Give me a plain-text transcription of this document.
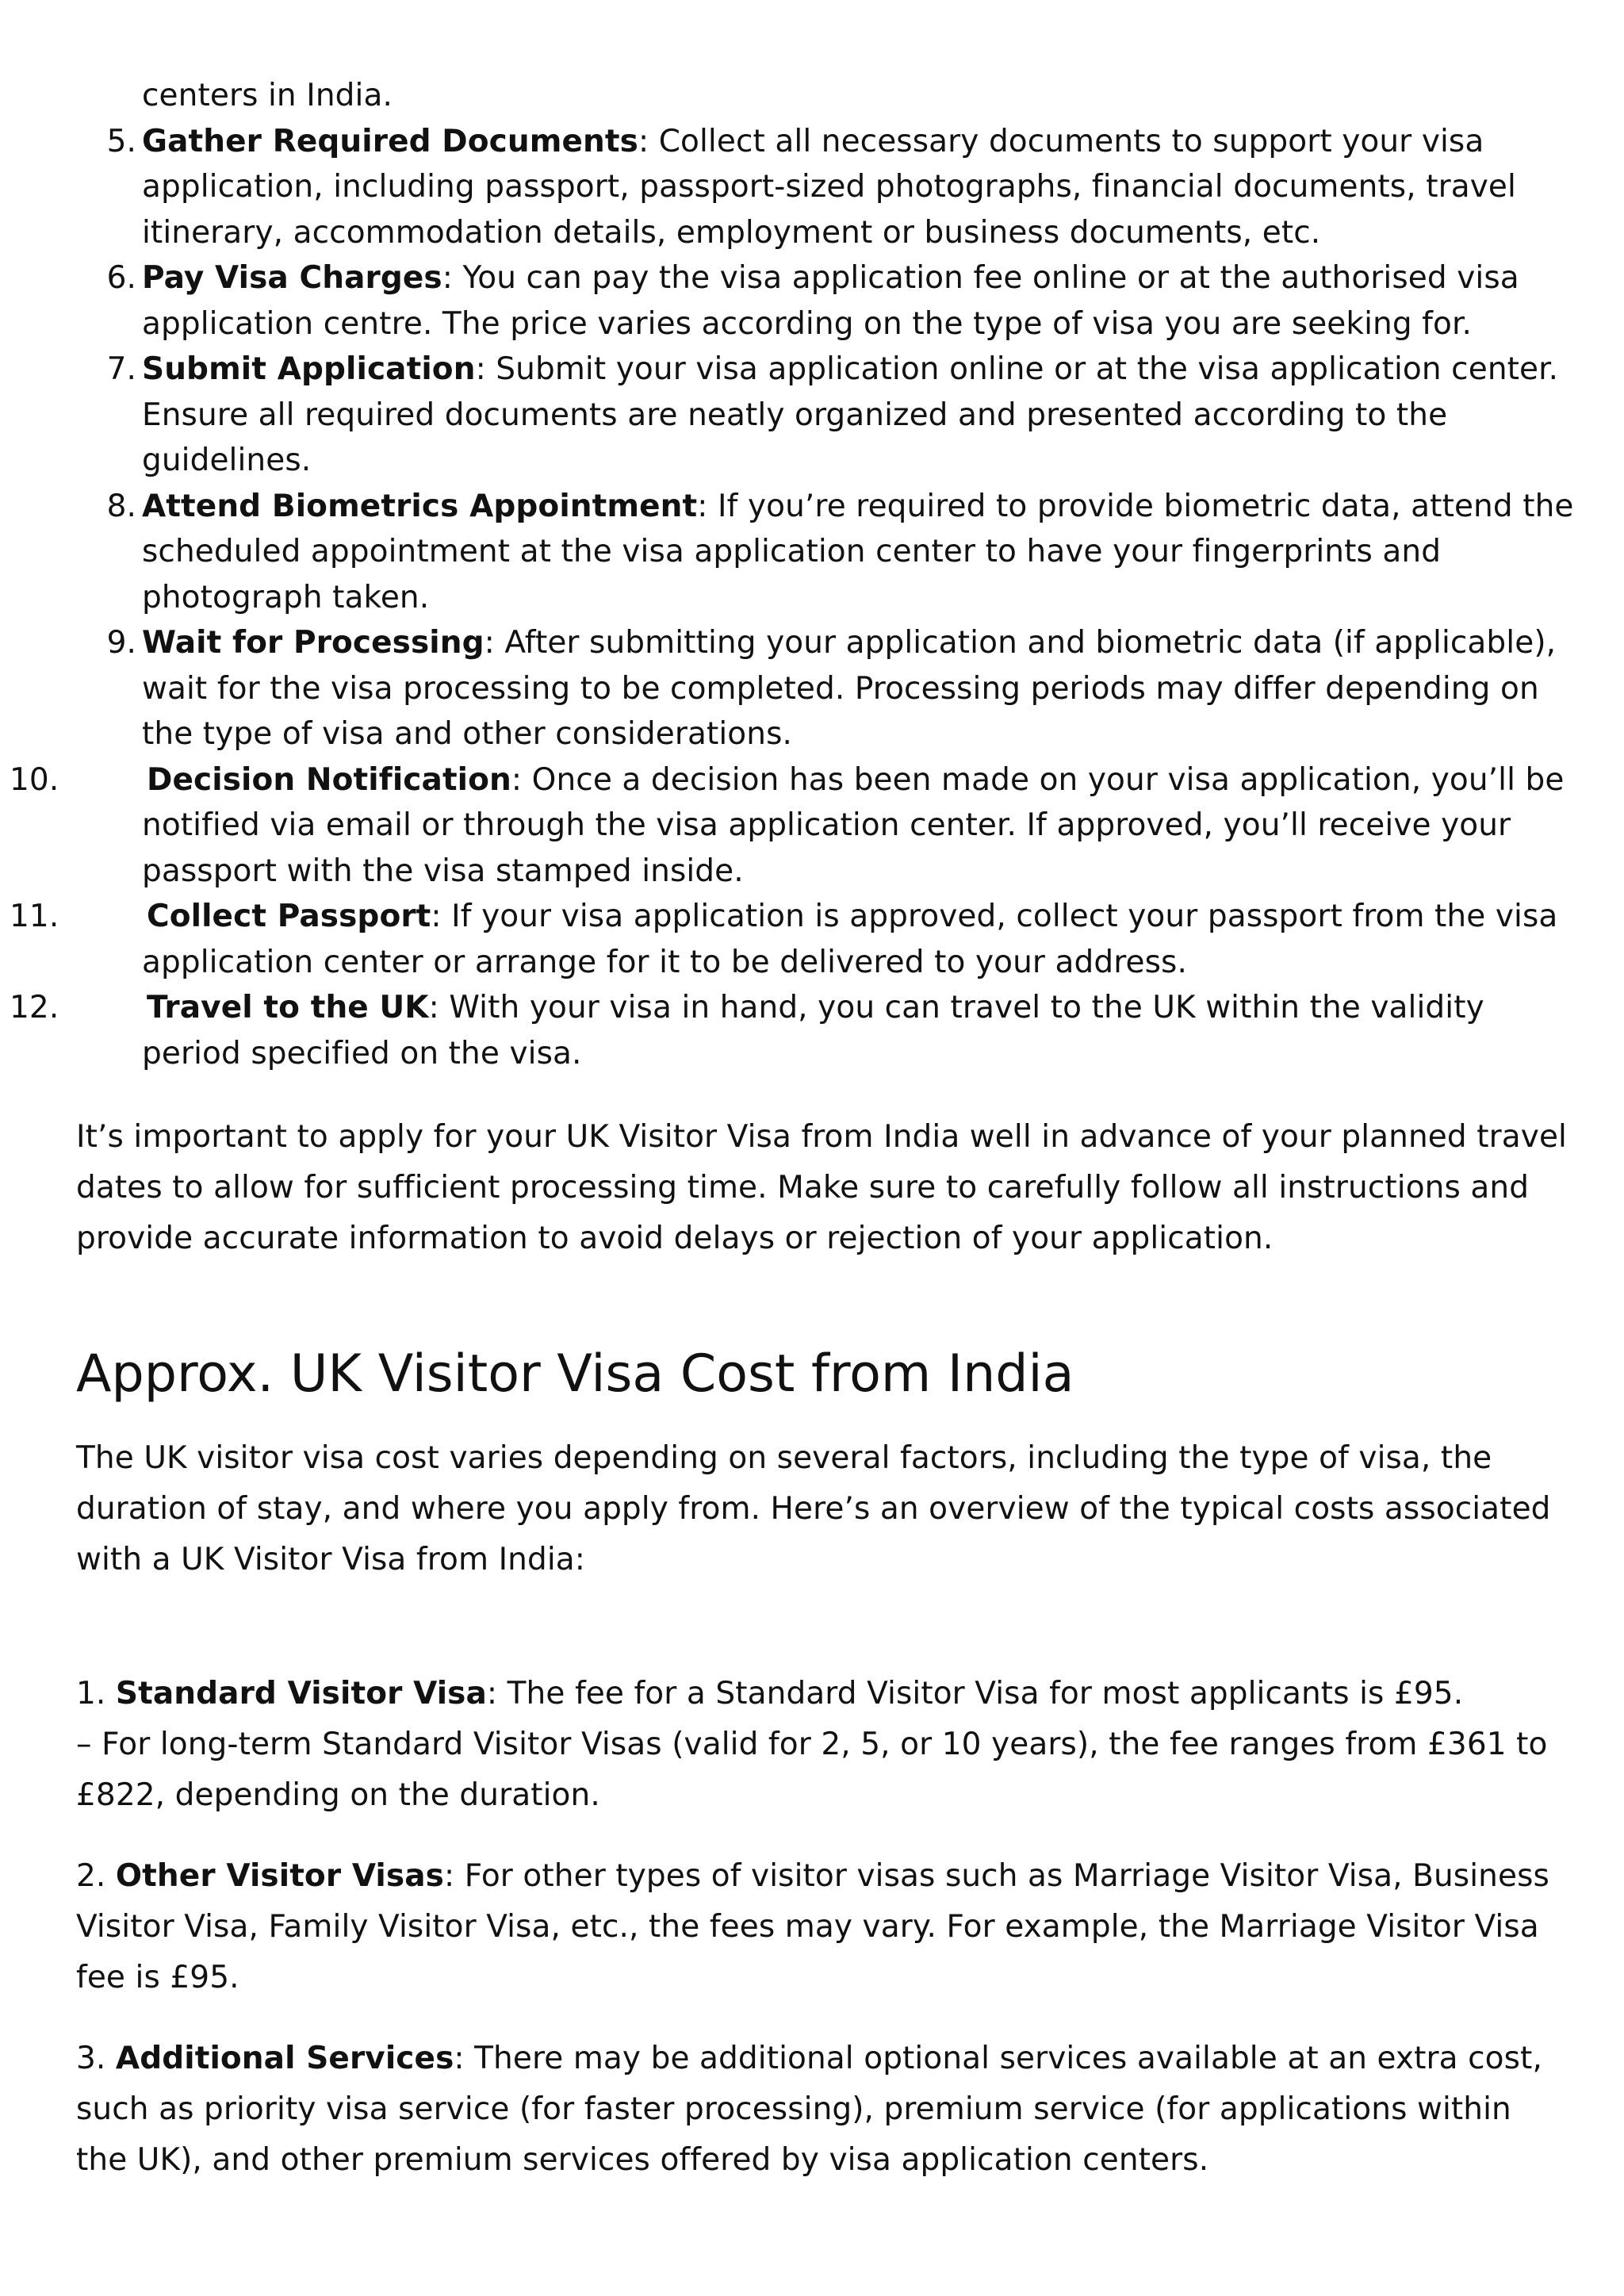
centers in India.
5. Gather Required Documents: Collect all necessary documents to support your visa application, including passport, passport-sized photographs, financial documents, travel itinerary, accommodation details, employment or business documents, etc.
6. Pay Visa Charges: You can pay the visa application fee online or at the authorised visa application centre. The price varies according on the type of visa you are seeking for.
7. Submit Application: Submit your visa application online or at the visa application center. Ensure all required documents are neatly organized and presented according to the guidelines.
8. Attend Biometrics Appointment: If you’re required to provide biometric data, attend the scheduled appointment at the visa application center to have your fingerprints and photograph taken.
9. Wait for Processing: After submitting your application and biometric data (if applicable), wait for the visa processing to be completed. Processing periods may differ depending on the type of visa and other considerations.
10.	Decision Notification: Once a decision has been made on your visa application, you’ll be notified via email or through the visa application center. If approved, you’ll receive your passport with the visa stamped inside.
11.	Collect Passport: If your visa application is approved, collect your passport from the visa application center or arrange for it to be delivered to your address.
12.	Travel to the UK: With your visa in hand, you can travel to the UK within the validity period specified on the visa.

It’s important to apply for your UK Visitor Visa from India well in advance of your planned travel dates to allow for sufficient processing time. Make sure to carefully follow all instructions and provide accurate information to avoid delays or rejection of your application.

Approx. UK Visitor Visa Cost from India

The UK visitor visa cost varies depending on several factors, including the type of visa, the duration of stay, and where you apply from. Here’s an overview of the typical costs associated with a UK Visitor Visa from India:

1. Standard Visitor Visa: The fee for a Standard Visitor Visa for most applicants is £95.
– For long-term Standard Visitor Visas (valid for 2, 5, or 10 years), the fee ranges from £361 to £822, depending on the duration.
2. Other Visitor Visas: For other types of visitor visas such as Marriage Visitor Visa, Business Visitor Visa, Family Visitor Visa, etc., the fees may vary. For example, the Marriage Visitor Visa fee is £95.
3. Additional Services: There may be additional optional services available at an extra cost, such as priority visa service (for faster processing), premium service (for applications within the UK), and other premium services offered by visa application centers.
